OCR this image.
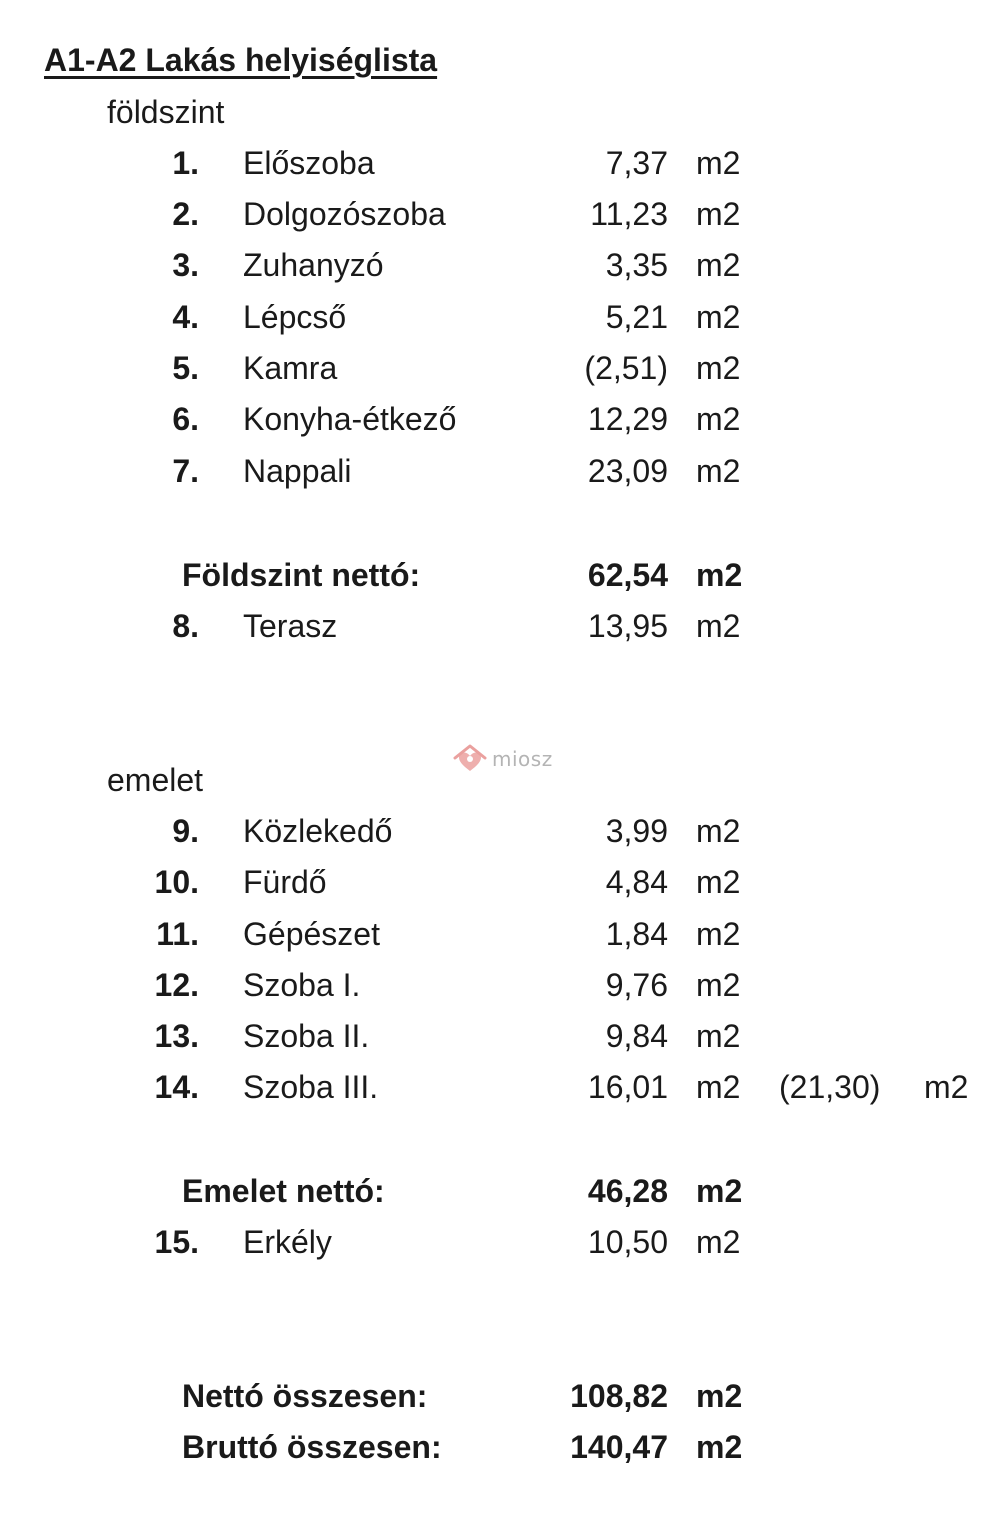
A1-A2 Lakás helyiséglista
földszint
1. Előszoba	7,37 m2
2. Dolgozószoba	11,23 m2
3. Zuhanyzó	3,35 m2
4. Lépcső	5,21 m2
5. Kamra	(2,51) m2
6. Konyha-étkező	12,29 m2
7. Nappali	23,09 m2
Földszint nettó:	62,54 m2
8. Terasz	13,95 m2
miosz
emelet
9. Közlekedő	3,99 m2
10. Fürdő	4,84 m2
11. Gépészet	1,84 m2
12. Szoba I.	9,76 m2
13. Szoba II.	9,84 m2
14. Szoba III.	16,01 m2 (21,30) m2
Emelet nettó:	46,28 m2
15. Erkély	10,50 m2
Nettó összesen:	108,82 m2
Bruttó összesen:	140,47 m2
